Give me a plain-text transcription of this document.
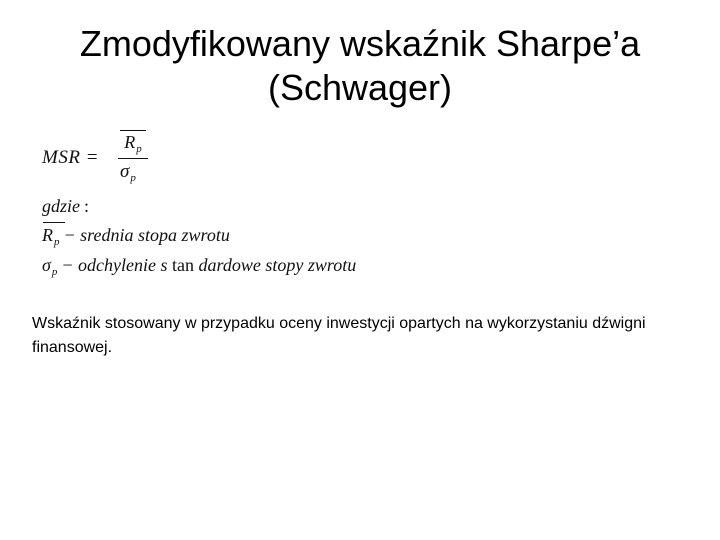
Zmodyfikowany wskaźnik Sharpe’a
(Schwager)
MSR =
$R_p$
$\sigma_p$
gdzie :
$R_p$ − srednia stopa zwrotu
$\sigma_p$ − odchylenie s tan dardowe stopy zwrotu
Wskaźnik stosowany w przypadku oceny inwestycji opartych na wykorzystaniu dźwigni finansowej.
